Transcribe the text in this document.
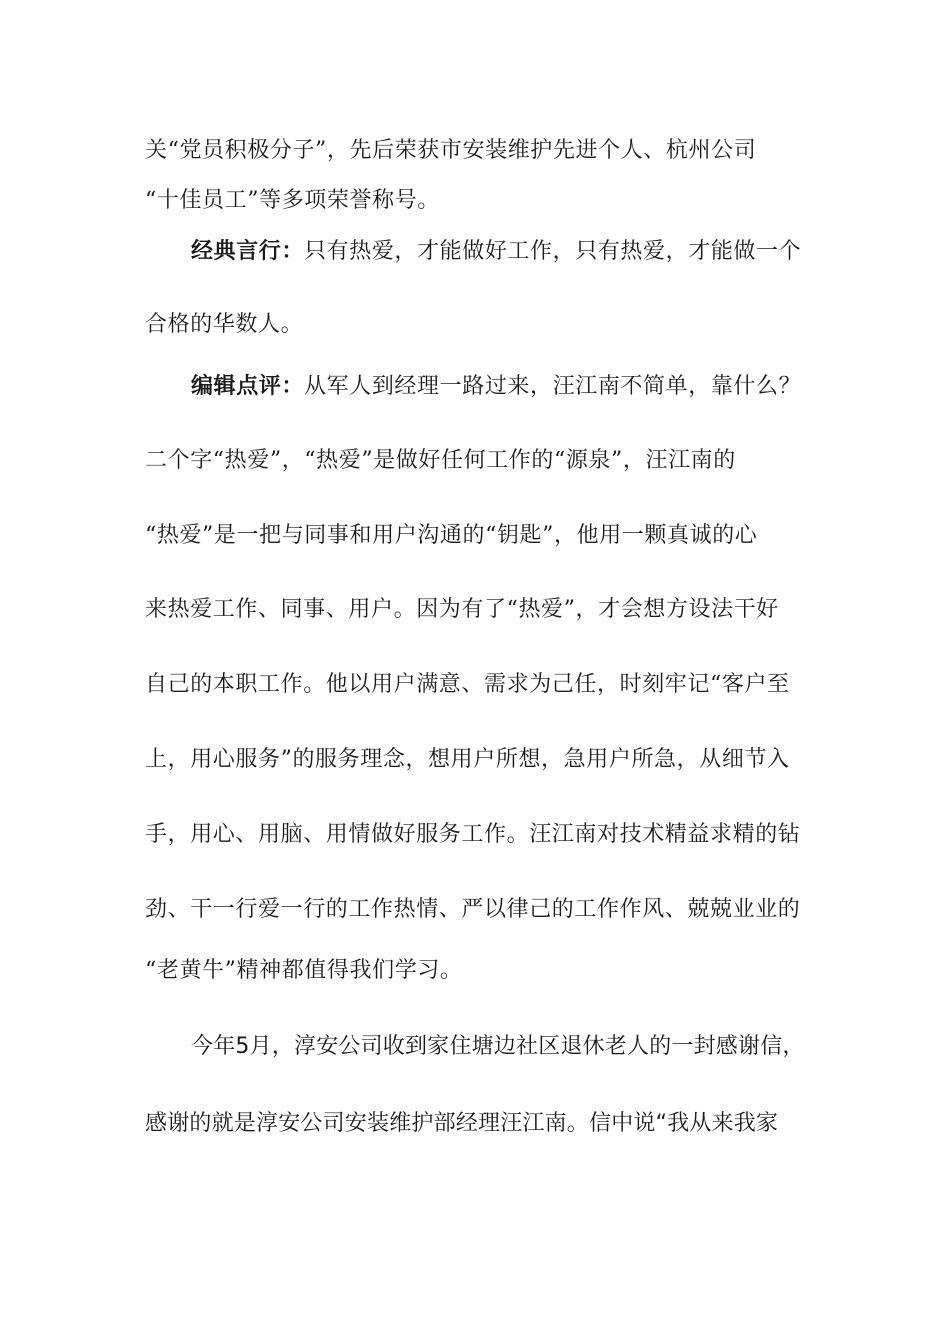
关“党员积极分子”，先后荣获市安装维护先进个人、杭州公司
“十佳员工”等多项荣誉称号。
经典言行：只有热爱，才能做好工作，只有热爱，才能做一个
合格的华数人。
编辑点评：从军人到经理一路过来，汪江南不简单，靠什么？
二个字“热爱”，“热爱”是做好任何工作的“源泉”，汪江南的
“热爱”是一把与同事和用户沟通的“钥匙”，他用一颗真诚的心
来热爱工作、同事、用户。因为有了“热爱”，才会想方设法干好
自己的本职工作。他以用户满意、需求为己任，时刻牢记“客户至
上，用心服务”的服务理念，想用户所想，急用户所急，从细节入
手，用心、用脑、用情做好服务工作。汪江南对技术精益求精的钻
劲、干一行爱一行的工作热情、严以律己的工作作风、兢兢业业的
“老黄牛”精神都值得我们学习。
今年5月，淳安公司收到家住塘边社区退休老人的一封感谢信，
感谢的就是淳安公司安装维护部经理汪江南。信中说“我从来我家
